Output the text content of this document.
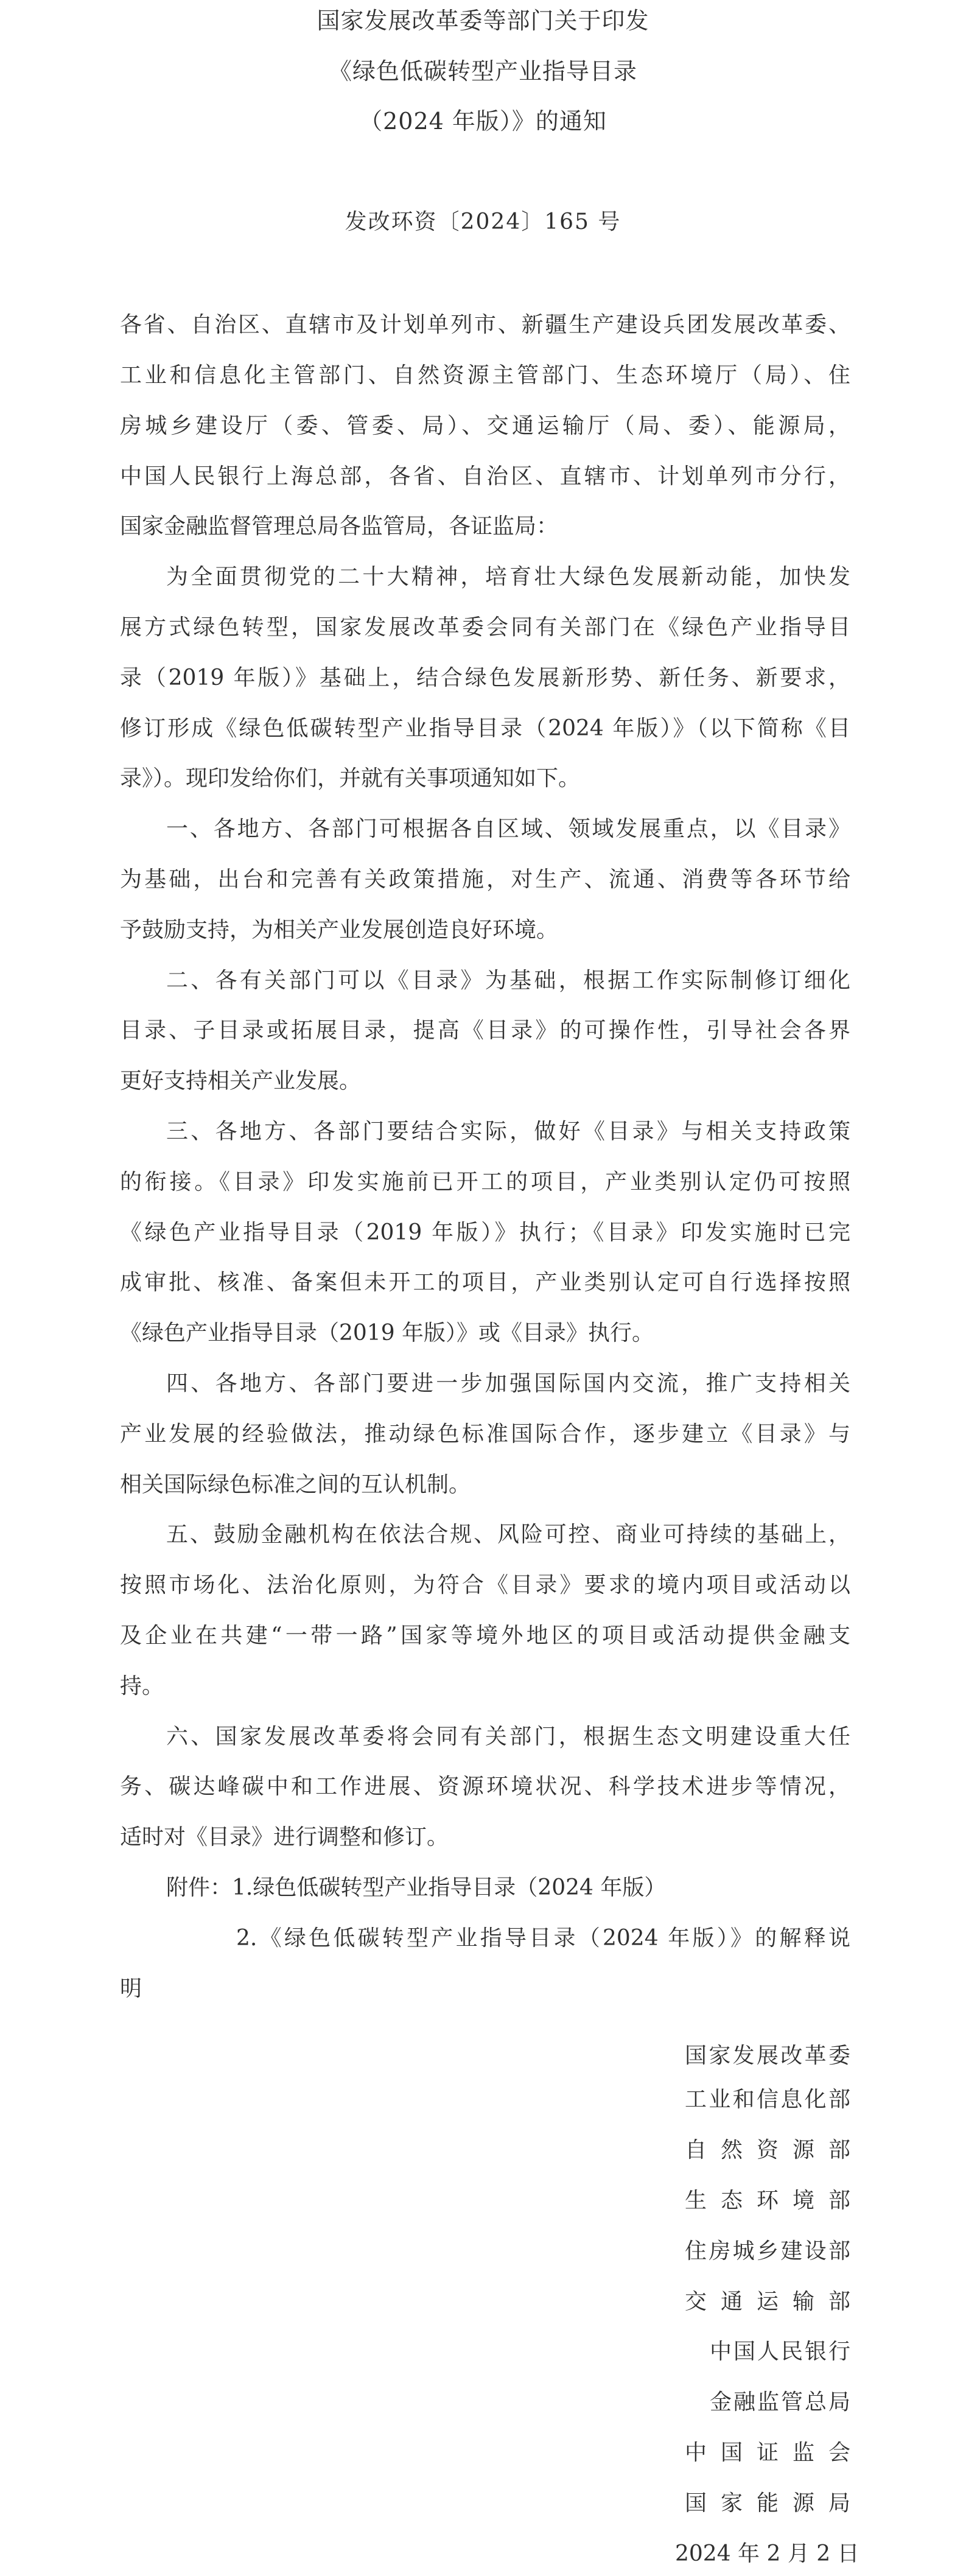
国家发展改革委等部门关于印发
《绿色低碳转型产业指导目录
（2024 年版）》的通知
发改环资〔2024〕165 号
各省、自治区、直辖市及计划单列市、新疆生产建设兵团发展改革委、
工业和信息化主管部门、自然资源主管部门、生态环境厅（局）、住
房城乡建设厅（委、管委、局）、交通运输厅（局、委）、能源局，
中国人民银行上海总部，各省、自治区、直辖市、计划单列市分行，
国家金融监督管理总局各监管局，各证监局：
为全面贯彻党的二十大精神，培育壮大绿色发展新动能，加快发
展方式绿色转型，国家发展改革委会同有关部门在《绿色产业指导目
录（2019 年版）》基础上，结合绿色发展新形势、新任务、新要求，
修订形成《绿色低碳转型产业指导目录（2024 年版）》（以下简称《目
录》）。现印发给你们，并就有关事项通知如下。
一、各地方、各部门可根据各自区域、领域发展重点，以《目录》
为基础，出台和完善有关政策措施，对生产、流通、消费等各环节给
予鼓励支持，为相关产业发展创造良好环境。
二、各有关部门可以《目录》为基础，根据工作实际制修订细化
目录、子目录或拓展目录，提高《目录》的可操作性，引导社会各界
更好支持相关产业发展。
三、各地方、各部门要结合实际，做好《目录》与相关支持政策
的衔接。《目录》印发实施前已开工的项目，产业类别认定仍可按照
《绿色产业指导目录（2019 年版）》执行；《目录》印发实施时已完
成审批、核准、备案但未开工的项目，产业类别认定可自行选择按照
《绿色产业指导目录（2019 年版）》或《目录》执行。
四、各地方、各部门要进一步加强国际国内交流，推广支持相关
产业发展的经验做法，推动绿色标准国际合作，逐步建立《目录》与
相关国际绿色标准之间的互认机制。
五、鼓励金融机构在依法合规、风险可控、商业可持续的基础上，
按照市场化、法治化原则，为符合《目录》要求的境内项目或活动以
及企业在共建“一带一路”国家等境外地区的项目或活动提供金融支
持。
六、国家发展改革委将会同有关部门，根据生态文明建设重大任
务、碳达峰碳中和工作进展、资源环境状况、科学技术进步等情况，
适时对《目录》进行调整和修订。
附件：1.绿色低碳转型产业指导目录（2024 年版）
2.《绿色低碳转型产业指导目录（2024 年版）》的解释说
明
国家发展改革委
工业和信息化部
自然资源部
生态环境部
住房城乡建设部
交通运输部
中国人民银行
金融监管总局
中国证监会
国家能源局
2024 年 2 月 2 日
